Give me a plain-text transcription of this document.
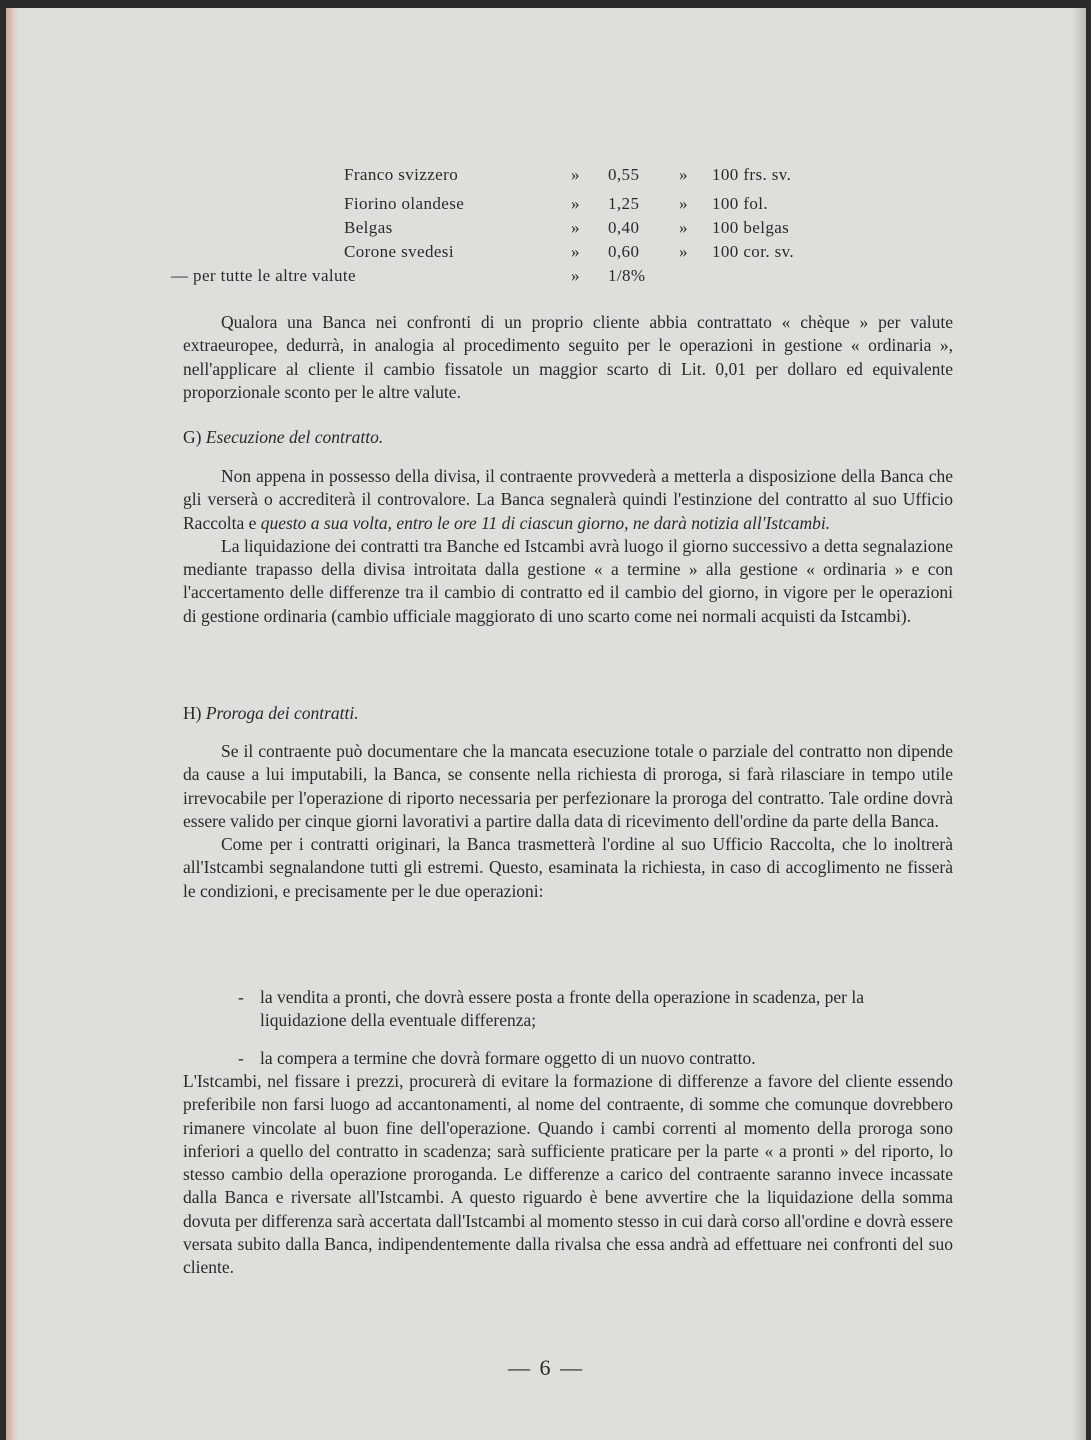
Franco svizzero	» 0,55 » 100 frs. sv.
Fiorino olandese	» 1,25 » 100 fol.
Belgas	» 0,40 » 100 belgas
Corone svedesi	» 0,60 » 100 cor. sv.
— per tutte le altre valute	» 1/8%

Qualora una Banca nei confronti di un proprio cliente abbia contrattato « chèque » per valute extraeuropee, dedurrà, in analogia al procedimento seguito per le operazioni in gestione « ordinaria », nell'applicare al cliente il cambio fissatole un maggior scarto di Lit. 0,01 per dollaro ed equivalente proporzionale sconto per le altre valute.

G) Esecuzione del contratto.

Non appena in possesso della divisa, il contraente provvederà a metterla a disposizione della Banca che gli verserà o accrediterà il controvalore. La Banca segnalerà quindi l'estinzione del contratto al suo Ufficio Raccolta e questo a sua volta, entro le ore 11 di ciascun giorno, ne darà notizia all'Istcambi.

La liquidazione dei contratti tra Banche ed Istcambi avrà luogo il giorno successivo a detta segnalazione mediante trapasso della divisa introitata dalla gestione « a termine » alla gestione « ordinaria » e con l'accertamento delle differenze tra il cambio di contratto ed il cambio del giorno, in vigore per le operazioni di gestione ordinaria (cambio ufficiale maggiorato di uno scarto come nei normali acquisti da Istcambi).

H) Proroga dei contratti.

Se il contraente può documentare che la mancata esecuzione totale o parziale del contratto non dipende da cause a lui imputabili, la Banca, se consente nella richiesta di proroga, si farà rilasciare in tempo utile irrevocabile per l'operazione di riporto necessaria per perfezionare la proroga del contratto. Tale ordine dovrà essere valido per cinque giorni lavorativi a partire dalla data di ricevimento dell'ordine da parte della Banca.

Come per i contratti originari, la Banca trasmetterà l'ordine al suo Ufficio Raccolta, che lo inoltrerà all'Istcambi segnalandone tutti gli estremi. Questo, esaminata la richiesta, in caso di accoglimento ne fisserà le condizioni, e precisamente per le due operazioni:

- la vendita a pronti, che dovrà essere posta a fronte della operazione in scadenza, per la liquidazione della eventuale differenza;
- la compera a termine che dovrà formare oggetto di un nuovo contratto.

L'Istcambi, nel fissare i prezzi, procurerà di evitare la formazione di differenze a favore del cliente essendo preferibile non farsi luogo ad accantonamenti, al nome del contraente, di somme che comunque dovrebbero rimanere vincolate al buon fine dell'operazione. Quando i cambi correnti al momento della proroga sono inferiori a quello del contratto in scadenza; sarà sufficiente praticare per la parte « a pronti » del riporto, lo stesso cambio della operazione proroganda. Le differenze a carico del contraente saranno invece incassate dalla Banca e riversate all'Istcambi. A questo riguardo è bene avvertire che la liquidazione della somma dovuta per differenza sarà accertata dall'Istcambi al momento stesso in cui darà corso all'ordine e dovrà essere versata subito dalla Banca, indipendentemente dalla rivalsa che essa andrà ad effettuare nei confronti del suo cliente.

— 6 —
